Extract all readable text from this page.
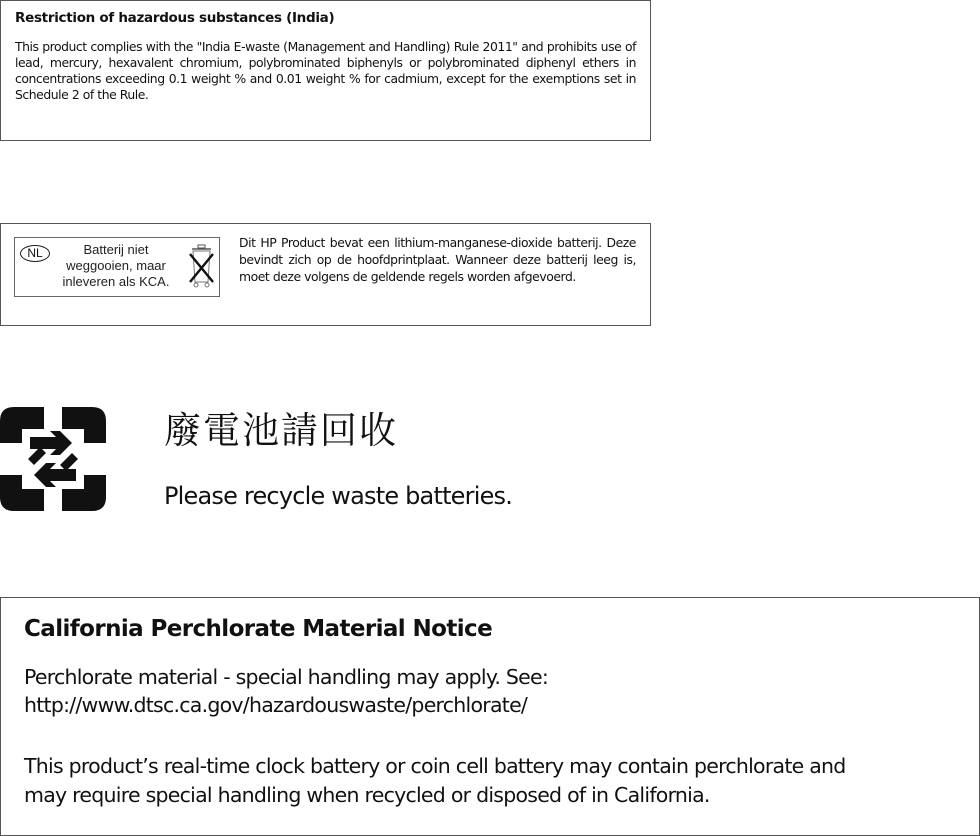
Restriction of hazardous substances (India)

This product complies with the "India E-waste (Management and Handling) Rule 2011" and prohibits use of lead, mercury, hexavalent chromium, polybrominated biphenyls or polybrominated diphenyl ethers in concentrations exceeding 0.1 weight % and 0.01 weight % for cadmium, except for the exemptions set in Schedule 2 of the Rule.

NL	Batterij niet
weggooien, maar
inleveren als KCA.

Dit HP Product bevat een lithium-manganese-dioxide batterij. Deze bevindt zich op de hoofdprintplaat. Wanneer deze batterij leeg is, moet deze volgens de geldende regels worden afgevoerd.

廢電池請回收
Please recycle waste batteries.
California Perchlorate Material Notice
Perchlorate material - special handling may apply. See:
http://www.dtsc.ca.gov/hazardouswaste/perchlorate/
This product’s real-time clock battery or coin cell battery may contain perchlorate and
may require special handling when recycled or disposed of in California.
